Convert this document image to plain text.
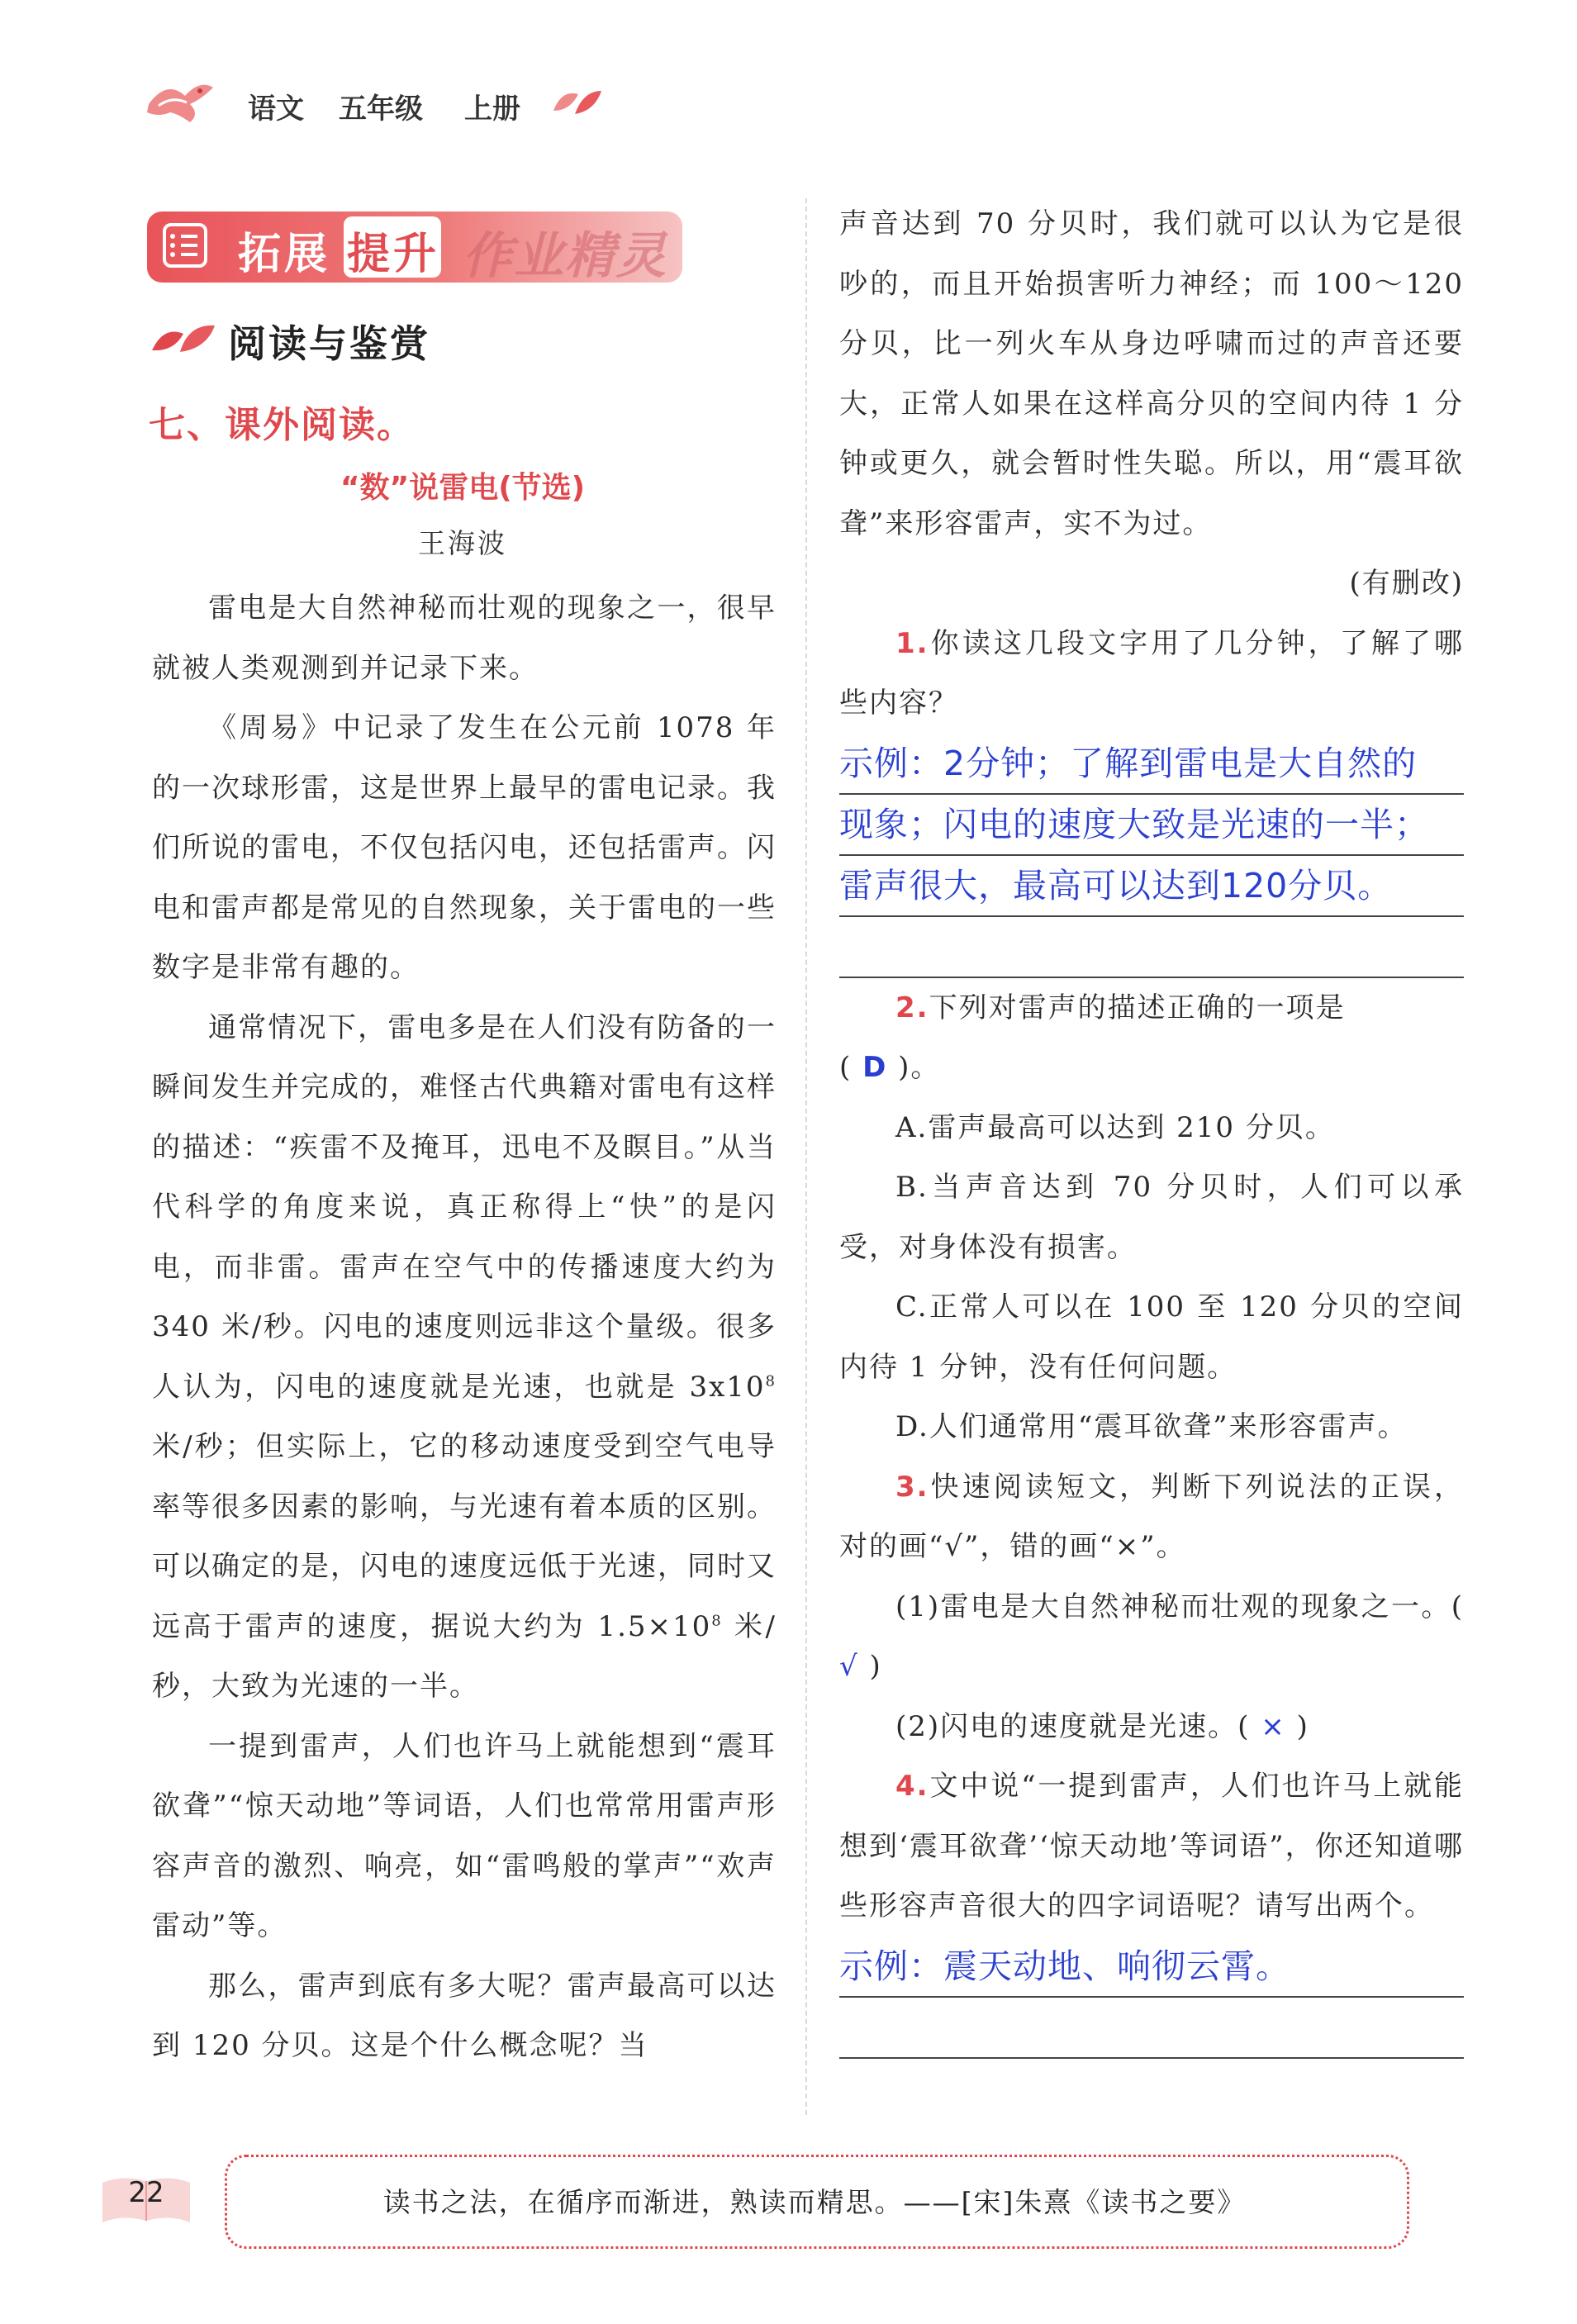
语文 五年级 上册
拓展 提升 作业精灵
阅读与鉴赏
七、课外阅读。
“数”说雷电(节选)
王海波

雷电是大自然神秘而壮观的现象之一，很早就被人类观测到并记录下来。

《周易》中记录了发生在公元前 1078 年的一次球形雷，这是世界上最早的雷电记录。我们所说的雷电，不仅包括闪电，还包括雷声。闪电和雷声都是常见的自然现象，关于雷电的一些数字是非常有趣的。

通常情况下，雷电多是在人们没有防备的一瞬间发生并完成的，难怪古代典籍对雷电有这样的描述：“疾雷不及掩耳，迅电不及瞑目。”从当代科学的角度来说，真正称得上“快”的是闪电，而非雷。雷声在空气中的传播速度大约为 340 米/秒。闪电的速度则远非这个量级。很多人认为，闪电的速度就是光速，也就是 $3x10^8$ 米/秒；但实际上，它的移动速度受到空气电导率等很多因素的影响，与光速有着本质的区别。可以确定的是，闪电的速度远低于光速，同时又远高于雷声的速度，据说大约为 $1.5\times 10^8$ 米/秒，大致为光速的一半。

一提到雷声，人们也许马上就能想到“震耳欲聋”“惊天动地”等词语，人们也常常用雷声形容声音的激烈、响亮，如“雷鸣般的掌声”“欢声雷动”等。

那么，雷声到底有多大呢？雷声最高可以达到 120 分贝。这是个什么概念呢？当

声音达到 70 分贝时，我们就可以认为它是很吵的，而且开始损害听力神经；而 100～120 分贝，比一列火车从身边呼啸而过的声音还要大，正常人如果在这样高分贝的空间内待 1 分钟或更久，就会暂时性失聪。所以，用“震耳欲聋”来形容雷声，实不为过。

(有删改)

1.你读这几段文字用了几分钟，了解了哪些内容？

示例：2分钟；了解到雷电是大自然的
现象；闪电的速度大致是光速的一半；
雷声很大，最高可以达到120分贝。

2.下列对雷声的描述正确的一项是

( D )。

A.雷声最高可以达到 210 分贝。

B.当声音达到 70 分贝时，人们可以承受，对身体没有损害。

C.正常人可以在 100 至 120 分贝的空间内待 1 分钟，没有任何问题。

D.人们通常用“震耳欲聋”来形容雷声。

3.快速阅读短文，判断下列说法的正误，对的画“√”，错的画“×”。

(1)雷电是大自然神秘而壮观的现象之一。( √ )

(2)闪电的速度就是光速。( × )

4.文中说“一提到雷声，人们也许马上就能想到‘震耳欲聋’‘惊天动地’等词语”，你还知道哪些形容声音很大的四字词语呢？请写出两个。

示例：震天动地、响彻云霄。
22	读书之法，在循序而渐进，熟读而精思。——[宋]朱熹《读书之要》
